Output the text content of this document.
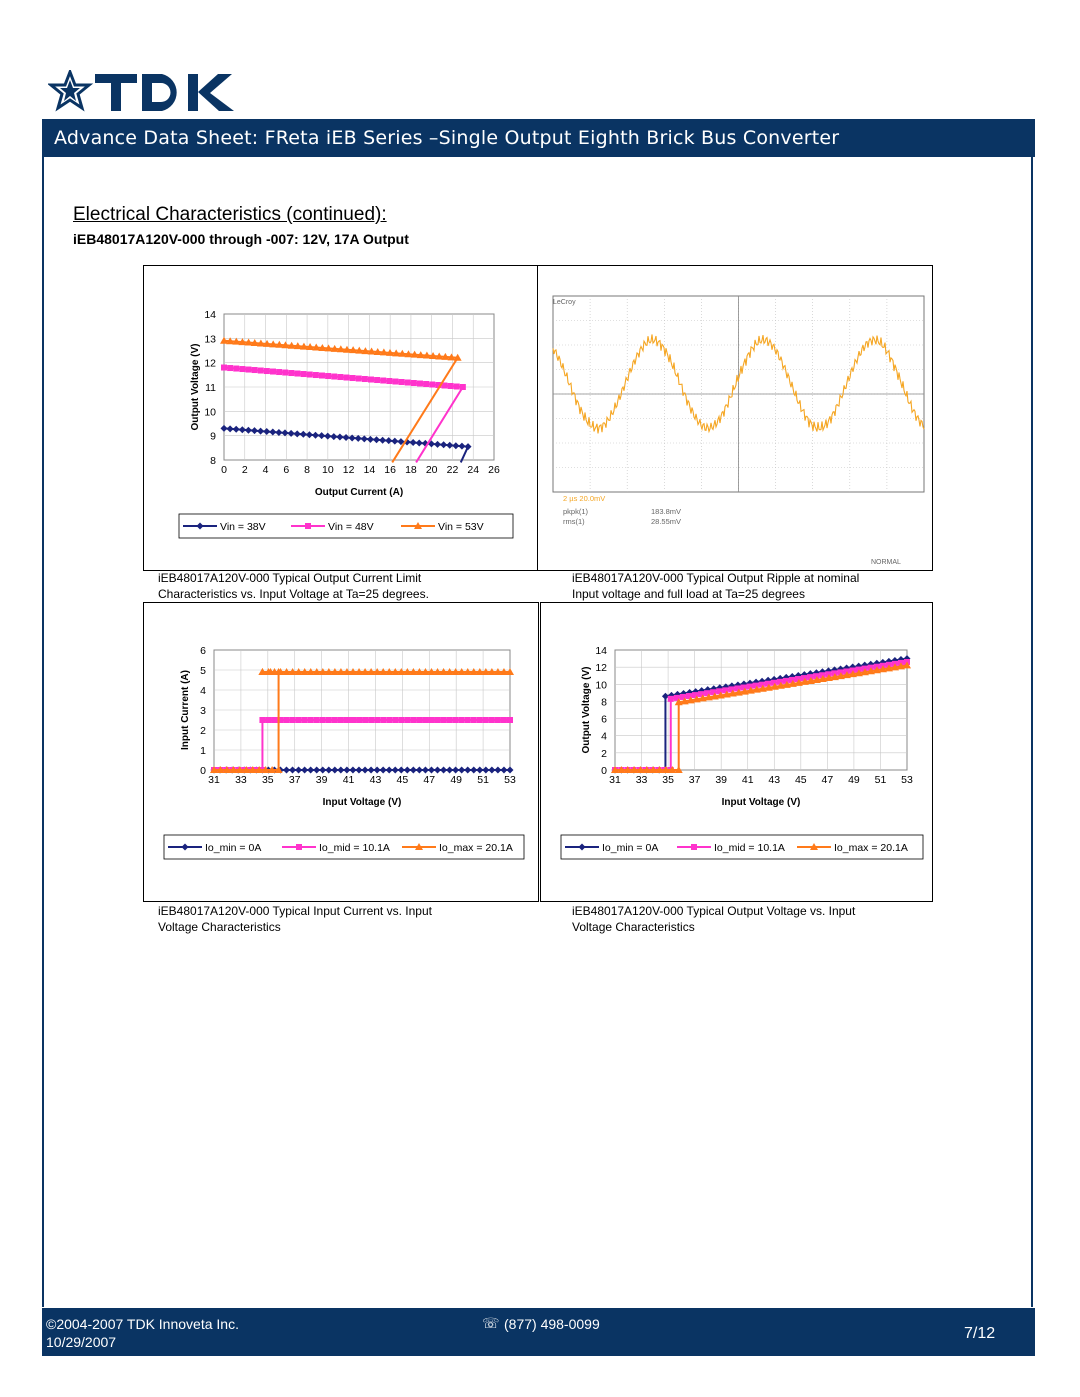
Advance Data Sheet: FReta iEB Series –Single Output Eighth Brick Bus Converter
Electrical Characteristics (continued):
iEB48017A120V-000 through -007: 12V, 17A Output
0 2 4 6 8 10 12 14 16 18 20 22 24 26
8
9
10
11
12
13
14
Output Current (A)
Output Voltage (V)
Vin = 38V	Vin = 48V	Vin = 53V
LeCroy
2 µs 20.0mV
pkpk(1)	183.8mV
rms(1)	28.55mV
NORMAL
31 33 35 37 39 41 43 45 47 49 51 53
0
1
2
3
4
5
6
Input Voltage (V)
Input Current (A)
Io_min = 0A	Io_mid = 10.1A	Io_max = 20.1A
31 33 35 37 39 41 43 45 47 49 51 53
0
2
4
6
8
10
12
14
Input Voltage (V)
Output Voltage (V)
Io_min = 0A	Io_mid = 10.1A	Io_max = 20.1A
iEB48017A120V-000 Typical Output Current Limit
Characteristics vs. Input Voltage at Ta=25 degrees.
iEB48017A120V-000 Typical Output Ripple at nominal
Input voltage and full load at Ta=25 degrees
iEB48017A120V-000 Typical Input Current vs. Input
Voltage Characteristics
iEB48017A120V-000 Typical Output Voltage vs. Input
Voltage Characteristics
©2004-2007 TDK Innoveta Inc.
10/29/2007
☏ (877) 498-0099
7/12
